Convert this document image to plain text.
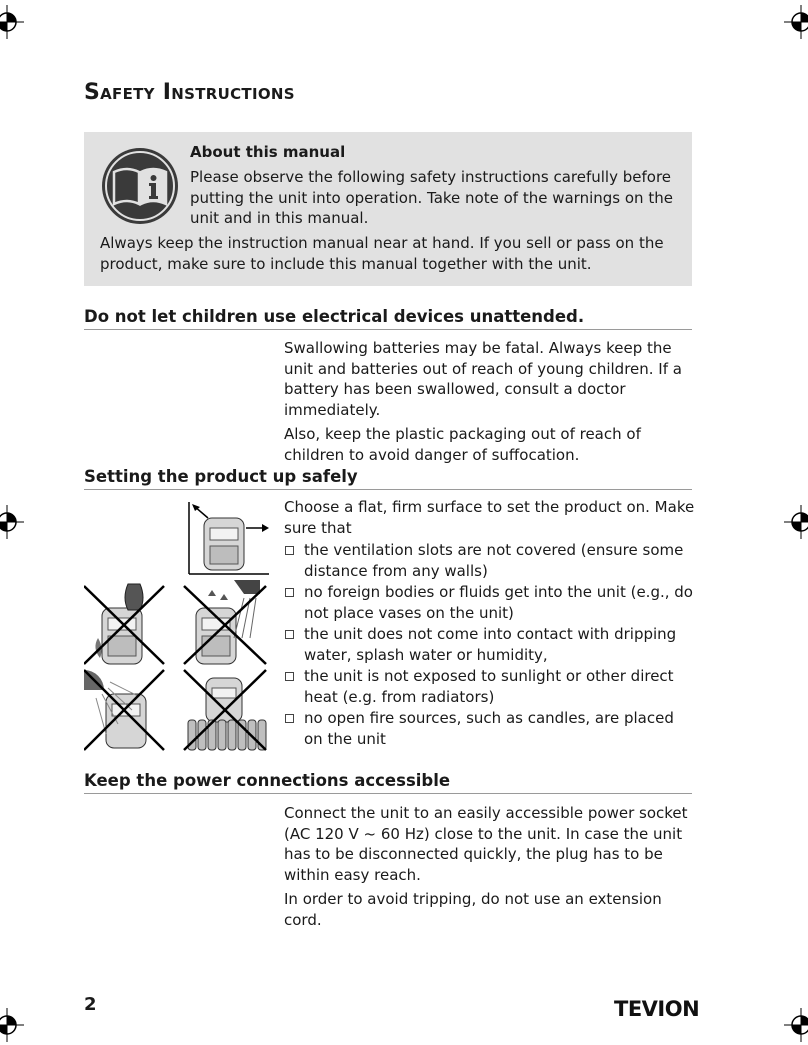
Safety Instructions
About this manual
Please observe the following safety instructions carefully before putting the unit into operation. Take note of the warnings on the unit and in this manual.
Always keep the instruction manual near at hand. If you sell or pass on the product, make sure to include this manual together with the unit.
Do not let children use electrical devices unattended.

Swallowing batteries may be fatal. Always keep the unit and batteries out of reach of young children. If a battery has been swallowed, consult a doctor immediately.

Also, keep the plastic packaging out of reach of children to avoid danger of suffocation.

Setting the product up safely

Choose a flat, firm surface to set the product on. Make sure that

the ventilation slots are not covered (ensure some distance from any walls)
no foreign bodies or fluids get into the unit (e.g., do not place vases on the unit)
the unit does not come into contact with dripping water, splash water or humidity,
the unit is not exposed to sunlight or other direct heat (e.g. from radiators)
no open fire sources, such as candles, are placed on the unit
Keep the power connections accessible

Connect the unit to an easily accessible power socket (AC 120 V ~ 60 Hz) close to the unit. In case the unit has to be disconnected quickly, the plug has to be within easy reach.

In order to avoid tripping, do not use an extension cord.

2	TEVION
